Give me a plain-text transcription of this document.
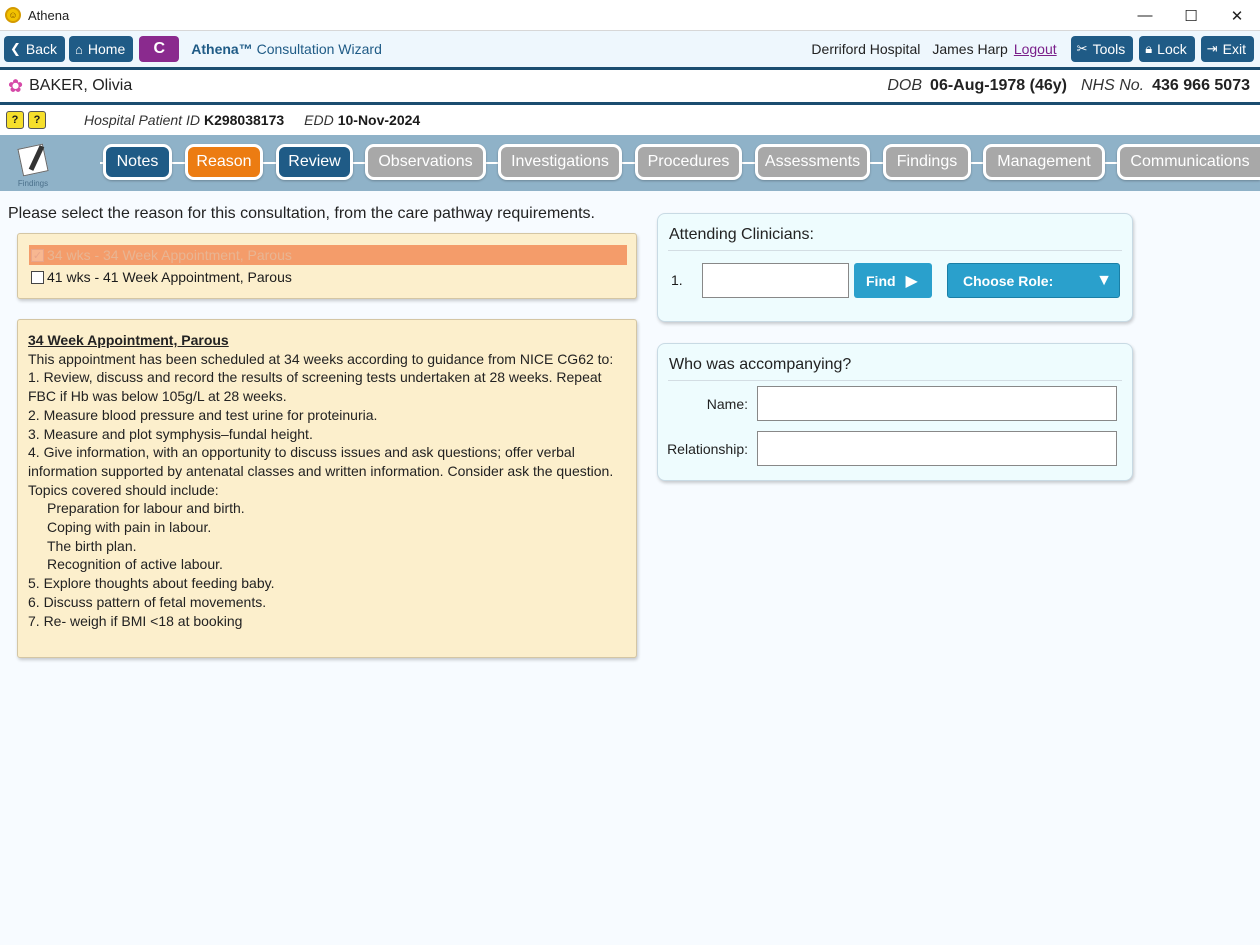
☺ Athena	—	☐	✕
❮ Back ⌂ Home	C	Athena™ Consultation Wizard	Derriford Hospital James Harp Logout ✂ Tools 🔒︎ Lock ⇥ Exit
✿ BAKER, Olivia	DOB 06-Aug-1978 (46y) NHS No. 436 966 5073
?	?	Hospital Patient ID K298038173 EDD 10-Nov-2024
Findings
Notes	Reason	Review	Observations	Investigations	Procedures	Assessments	Findings	Management	Communications
Please select the reason for this consultation, from the care pathway requirements.
✓ 34 wks - 34 Week Appointment, Parous
41 wks - 41 Week Appointment, Parous
34 Week Appointment, Parous
This appointment has been scheduled at 34 weeks according to guidance from NICE CG62 to:
1. Review, discuss and record the results of screening tests undertaken at 28 weeks. Repeat FBC if Hb was below 105g/L at 28 weeks.
2. Measure blood pressure and test urine for proteinuria.
3. Measure and plot symphysis–fundal height.
4. Give information, with an opportunity to discuss issues and ask questions; offer verbal information supported by antenatal classes and written information. Consider ask the question.
Topics covered should include:
Preparation for labour and birth.
Coping with pain in labour.
The birth plan.
Recognition of active labour.
5. Explore thoughts about feeding baby.
6. Discuss pattern of fetal movements.
7. Re- weigh if BMI <18 at booking
Attending Clinicians:
1.	Find ▶	Choose Role:	▼
Who was accompanying?
Name:
Relationship:
